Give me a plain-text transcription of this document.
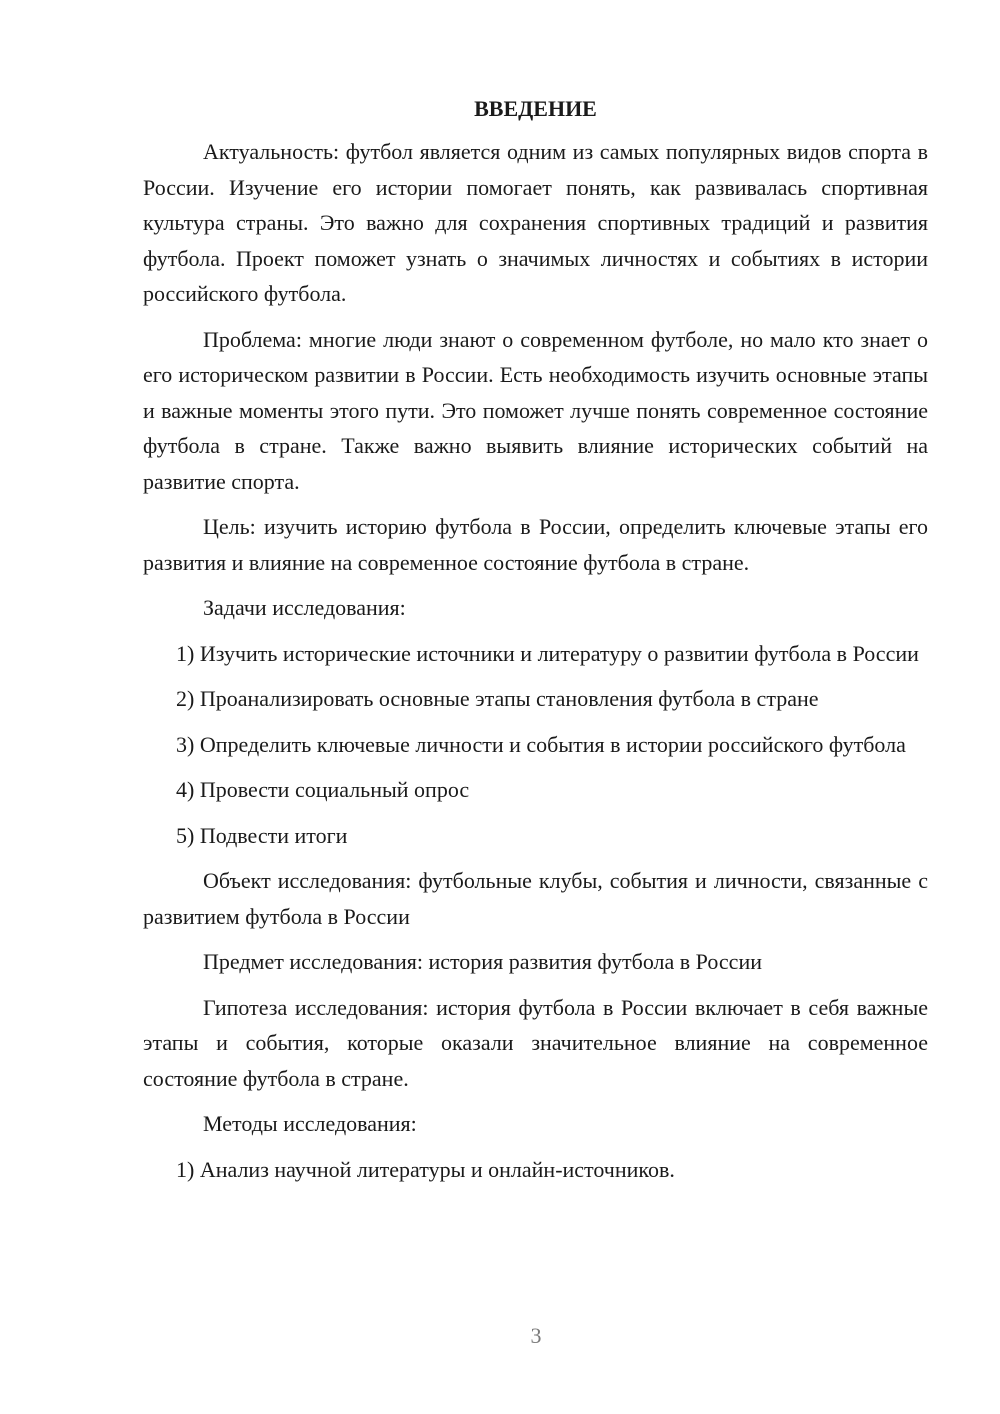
ВВЕДЕНИЕ

Актуальность: футбол является одним из самых популярных видов спорта в России. Изучение его истории помогает понять, как развивалась спортивная культура страны. Это важно для сохранения спортивных традиций и развития футбола. Проект поможет узнать о значимых личностях и событиях в истории российского футбола.

Проблема: многие люди знают о современном футболе, но мало кто знает о его историческом развитии в России. Есть необходимость изучить основные этапы и важные моменты этого пути. Это поможет лучше понять современное состояние футбола в стране. Также важно выявить влияние исторических событий на развитие спорта.

Цель: изучить историю футбола в России, определить ключевые этапы его развития и влияние на современное состояние футбола в стране.

Задачи исследования:

1) Изучить исторические источники и литературу о развитии футбола в России

2) Проанализировать основные этапы становления футбола в стране

3) Определить ключевые личности и события в истории российского футбола

4) Провести социальный опрос

5) Подвести итоги

Объект исследования: футбольные клубы, события и личности, связанные с развитием футбола в России

Предмет исследования: история развития футбола в России

Гипотеза исследования: история футбола в России включает в себя важные этапы и события, которые оказали значительное влияние на современное состояние футбола в стране.

Методы исследования:

1) Анализ научной литературы и онлайн-источников.

3
